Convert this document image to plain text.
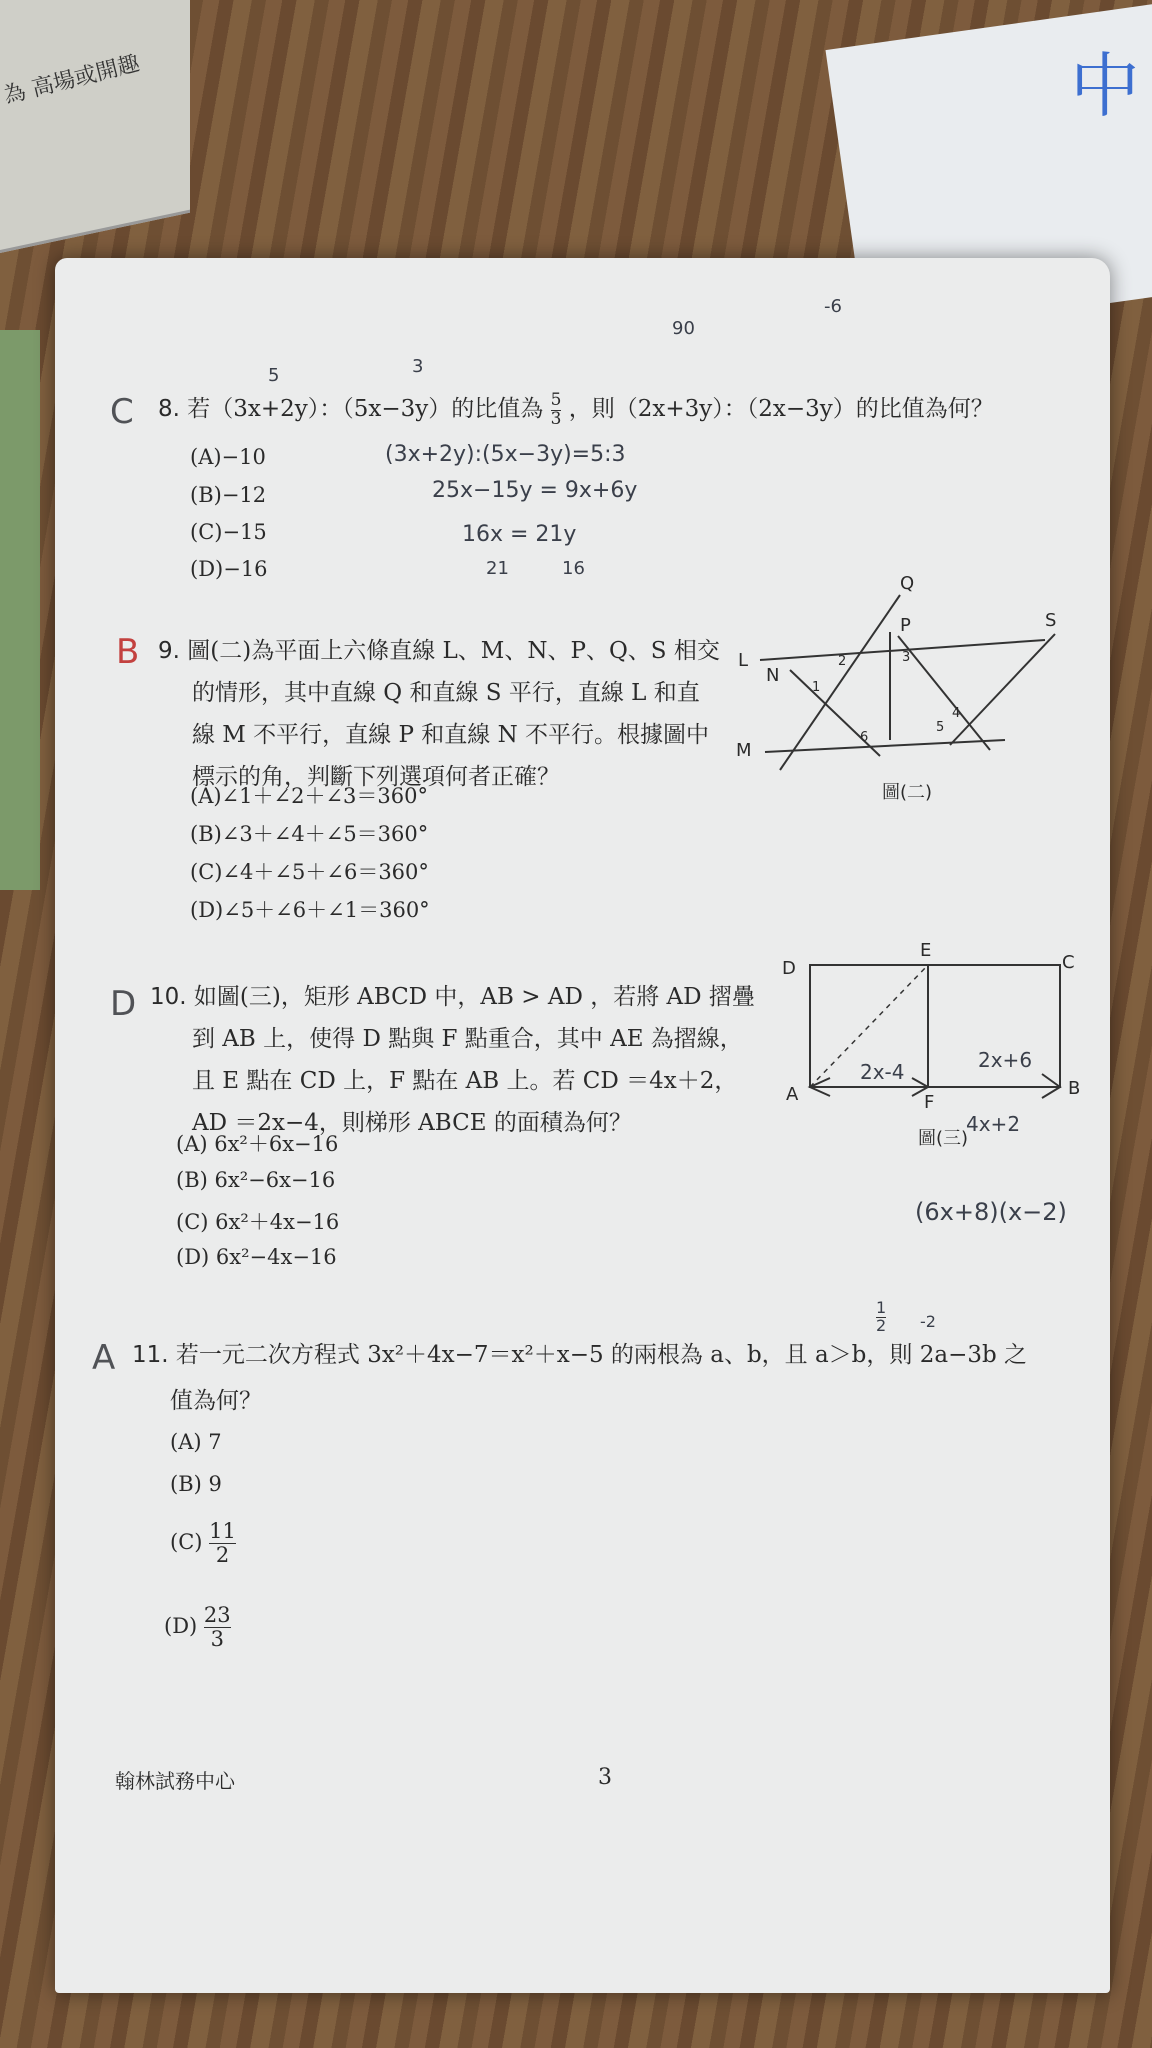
為 高場或開趣	中
C
5	3
90
-6
8. 若（3x+2y）：（5x−3y）的比值為 $\frac{5}{3}$ ，則（2x+3y）：（2x−3y）的比值為何？
(A)−10
(B)−12
(C)−15
(D)−16
(3x+2y):(5x−3y)=5:3
25x−15y = 9x+6y
16x = 21y
21	16
B 9. 圖(二)為平面上六條直線 L、M、N、P、Q、S 相交
的情形，其中直線 Q 和直線 S 平行，直線 L 和直
線 M 不平行，直線 P 和直線 N 不平行。根據圖中
標示的角，判斷下列選項何者正確？
(A)∠1＋∠2＋∠3＝360°
(B)∠3＋∠4＋∠5＝360°
(C)∠4＋∠5＋∠6＝360°
(D)∠5＋∠6＋∠1＝360°
Q
P	S
L
N
M
1
2	3
4
5
6
圖(二)
D 10. 如圖(三)，矩形 ABCD 中，AB > AD ，若將 AD 摺疊
到 AB 上，使得 D 點與 F 點重合，其中 AE 為摺線，
且 E 點在 CD 上，F 點在 AB 上。若 CD ＝4x＋2，
AD ＝2x−4，則梯形 ABCE 的面積為何？
(A) 6x²＋6x−16
(B) 6x²−6x−16
(C) 6x²＋4x−16
(D) 6x²−4x−16
D
E
C
A	F
B
2x-4	2x+6
圖(三)
4x+2
(6x+8)(x−2)
A
$\frac{1}{2} -2$
11. 若一元二次方程式 3x²＋4x−7＝x²＋x−5 的兩根為 a、b，且 a＞b，則 2a−3b 之
值為何？
(A) 7
(B) 9
$(C) \frac{11}{2}$
$(D) \frac{23}{3}$
翰林試務中心	3
